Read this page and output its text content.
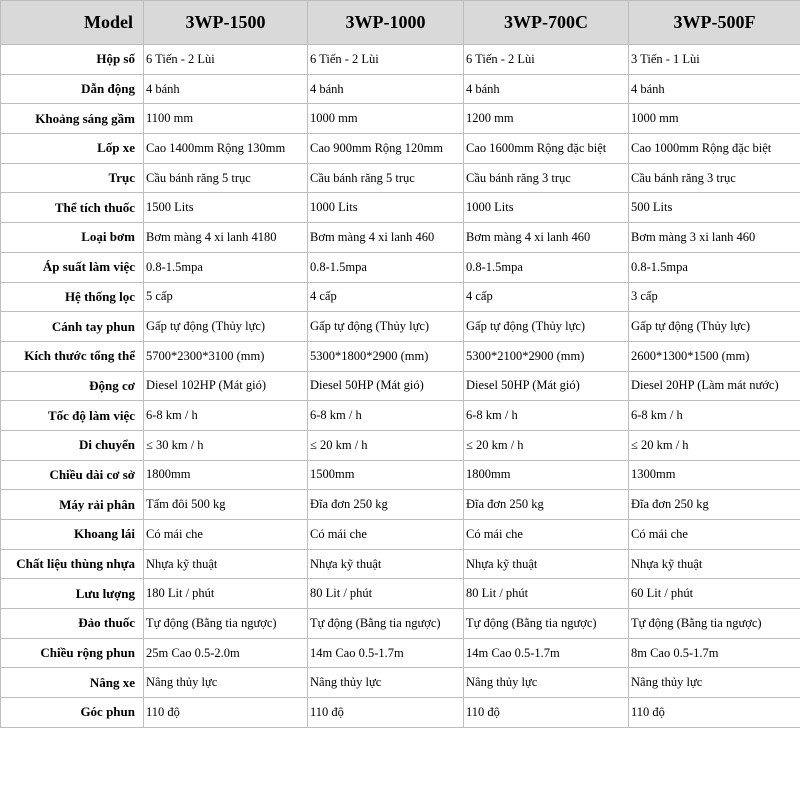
Model	3WP-1500	3WP-1000	3WP-700C	3WP-500F
Hộp số	6 Tiến - 2 Lùi	6 Tiến - 2 Lùi	6 Tiến - 2 Lùi	3 Tiến - 1 Lùi
Dẫn động	4 bánh	4 bánh	4 bánh	4 bánh
Khoảng sáng gầm	1100 mm	1000 mm	1200 mm	1000 mm
Lốp xe	Cao 1400mm Rộng 130mm	Cao 900mm Rộng 120mm	Cao 1600mm Rộng đặc biệt	Cao 1000mm Rộng đặc biệt
Trục	Cầu bánh răng 5 trục	Cầu bánh răng 5 trục	Cầu bánh răng 3 trục	Cầu bánh răng 3 trục
Thể tích thuốc	1500 Lits	1000 Lits	1000 Lits	500 Lits
Loại bơm	Bơm màng 4 xi lanh 4180	Bơm màng 4 xi lanh 460	Bơm màng 4 xi lanh 460	Bơm màng 3 xi lanh 460
Áp suất làm việc	0.8-1.5mpa	0.8-1.5mpa	0.8-1.5mpa	0.8-1.5mpa
Hệ thống lọc	5 cấp	4 cấp	4 cấp	3 cấp
Cánh tay phun	Gấp tự động (Thủy lực)	Gấp tự động (Thủy lực)	Gấp tự động (Thủy lực)	Gấp tự động (Thủy lực)
Kích thước tổng thể	5700*2300*3100 (mm)	5300*1800*2900 (mm)	5300*2100*2900 (mm)	2600*1300*1500 (mm)
Động cơ	Diesel 102HP (Mát gió)	Diesel 50HP (Mát gió)	Diesel 50HP (Mát gió)	Diesel 20HP (Làm mát nước)
Tốc độ làm việc	6-8 km / h	6-8 km / h	6-8 km / h	6-8 km / h
Di chuyển	≤ 30 km / h	≤ 20 km / h	≤ 20 km / h	≤ 20 km / h
Chiều dài cơ sở	1800mm	1500mm	1800mm	1300mm
Máy rải phân	Tấm đôi 500 kg	Đĩa đơn 250 kg	Đĩa đơn 250 kg	Đĩa đơn 250 kg
Khoang lái	Có mái che	Có mái che	Có mái che	Có mái che
Chất liệu thùng nhựa	Nhựa kỹ thuật	Nhựa kỹ thuật	Nhựa kỹ thuật	Nhựa kỹ thuật
Lưu lượng	180 Lit / phút	80 Lit / phút	80 Lit / phút	60 Lit / phút
Đảo thuốc	Tự động (Bằng tia ngược)	Tự động (Bằng tia ngược)	Tự động (Bằng tia ngược)	Tự động (Bằng tia ngược)
Chiều rộng phun	25m Cao 0.5-2.0m	14m Cao 0.5-1.7m	14m Cao 0.5-1.7m	8m Cao 0.5-1.7m
Nâng xe	Nâng thủy lực	Nâng thủy lực	Nâng thủy lực	Nâng thủy lực
Góc phun	110 độ	110 độ	110 độ	110 độ
